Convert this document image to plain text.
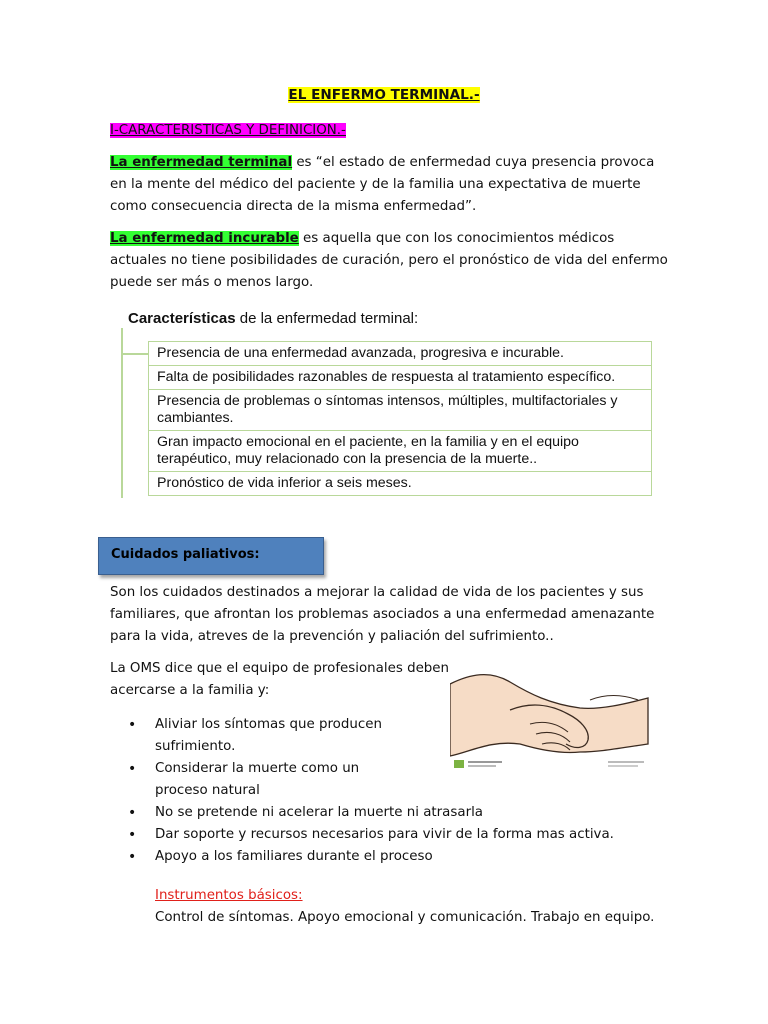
EL ENFERMO TERMINAL.-

I-CARACTERISTICAS Y DEFINICION.-

La enfermedad terminal es “el estado de enfermedad cuya presencia provoca en la mente del médico del paciente y de la familia una expectativa de muerte como consecuencia directa de la misma enfermedad”.

La enfermedad incurable es aquella que con los conocimientos médicos actuales no tiene posibilidades de curación, pero el pronóstico de vida del enfermo puede ser más o menos largo.

Características de la enfermedad terminal:
Presencia de una enfermedad avanzada, progresiva e incurable.
Falta de posibilidades razonables de respuesta al tratamiento específico.
Presencia de problemas o síntomas intensos, múltiples, multifactoriales y cambiantes.
Gran impacto emocional en el paciente, en la familia y en el equipo terapéutico, muy relacionado con la presencia de la muerte..
Pronóstico de vida inferior a seis meses.
Cuidados paliativos:

Son los cuidados destinados a mejorar la calidad de vida de los pacientes y sus familiares, que afrontan los problemas asociados a una enfermedad amenazante para la vida, atreves de la prevención y paliación del sufrimiento..

La OMS dice que el equipo de profesionales deben acercarse a la familia y:

• Aliviar los síntomas que producen sufrimiento.
• Considerar la muerte como un proceso natural
• No se pretende ni acelerar la muerte ni atrasarla
• Dar soporte y recursos necesarios para vivir de la forma mas activa.
• Apoyo a los familiares durante el proceso

Instrumentos básicos:

Control de síntomas. Apoyo emocional y comunicación. Trabajo en equipo.
